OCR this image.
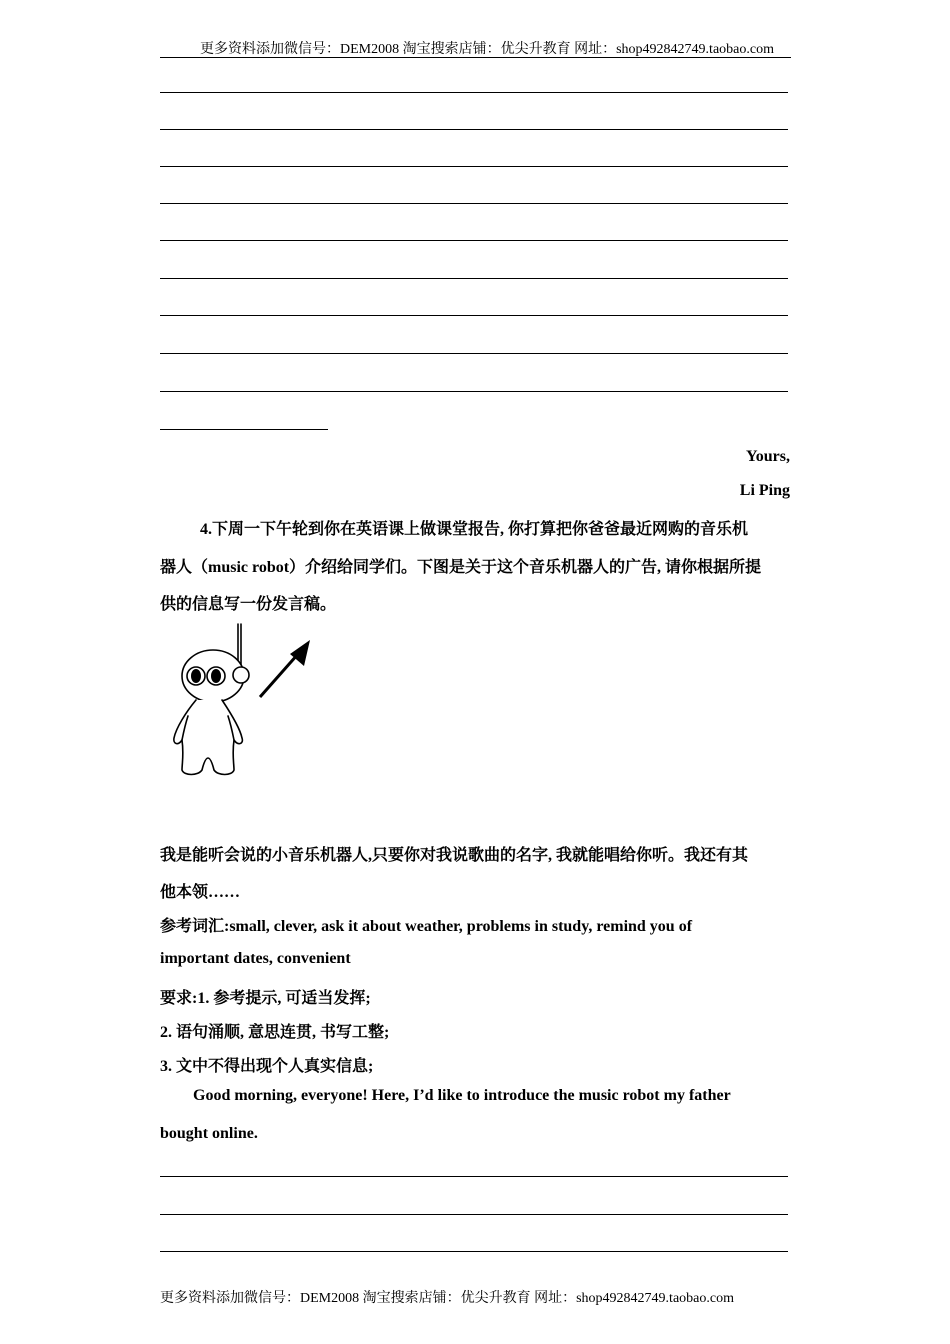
更多资料添加微信号：DEM2008 淘宝搜索店铺：优尖升教育 网址：shop492842749.taobao.com
Yours,
Li Ping
4.下周一下午轮到你在英语课上做课堂报告, 你打算把你爸爸最近网购的音乐机
器人（music robot）介绍给同学们。下图是关于这个音乐机器人的广告, 请你根据所提
供的信息写一份发言稿。
我是能听会说的小音乐机器人,只要你对我说歌曲的名字, 我就能唱给你听。我还有其
他本领……
参考词汇:small, clever, ask it about weather, problems in study, remind you of
important dates, convenient
要求:1. 参考提示, 可适当发挥;
2. 语句涌顺, 意思连贯, 书写工整;
3. 文中不得出现个人真实信息;
Good morning, everyone! Here, I’d like to introduce the music robot my father
bought online.
更多资料添加微信号：DEM2008 淘宝搜索店铺：优尖升教育 网址：shop492842749.taobao.com
